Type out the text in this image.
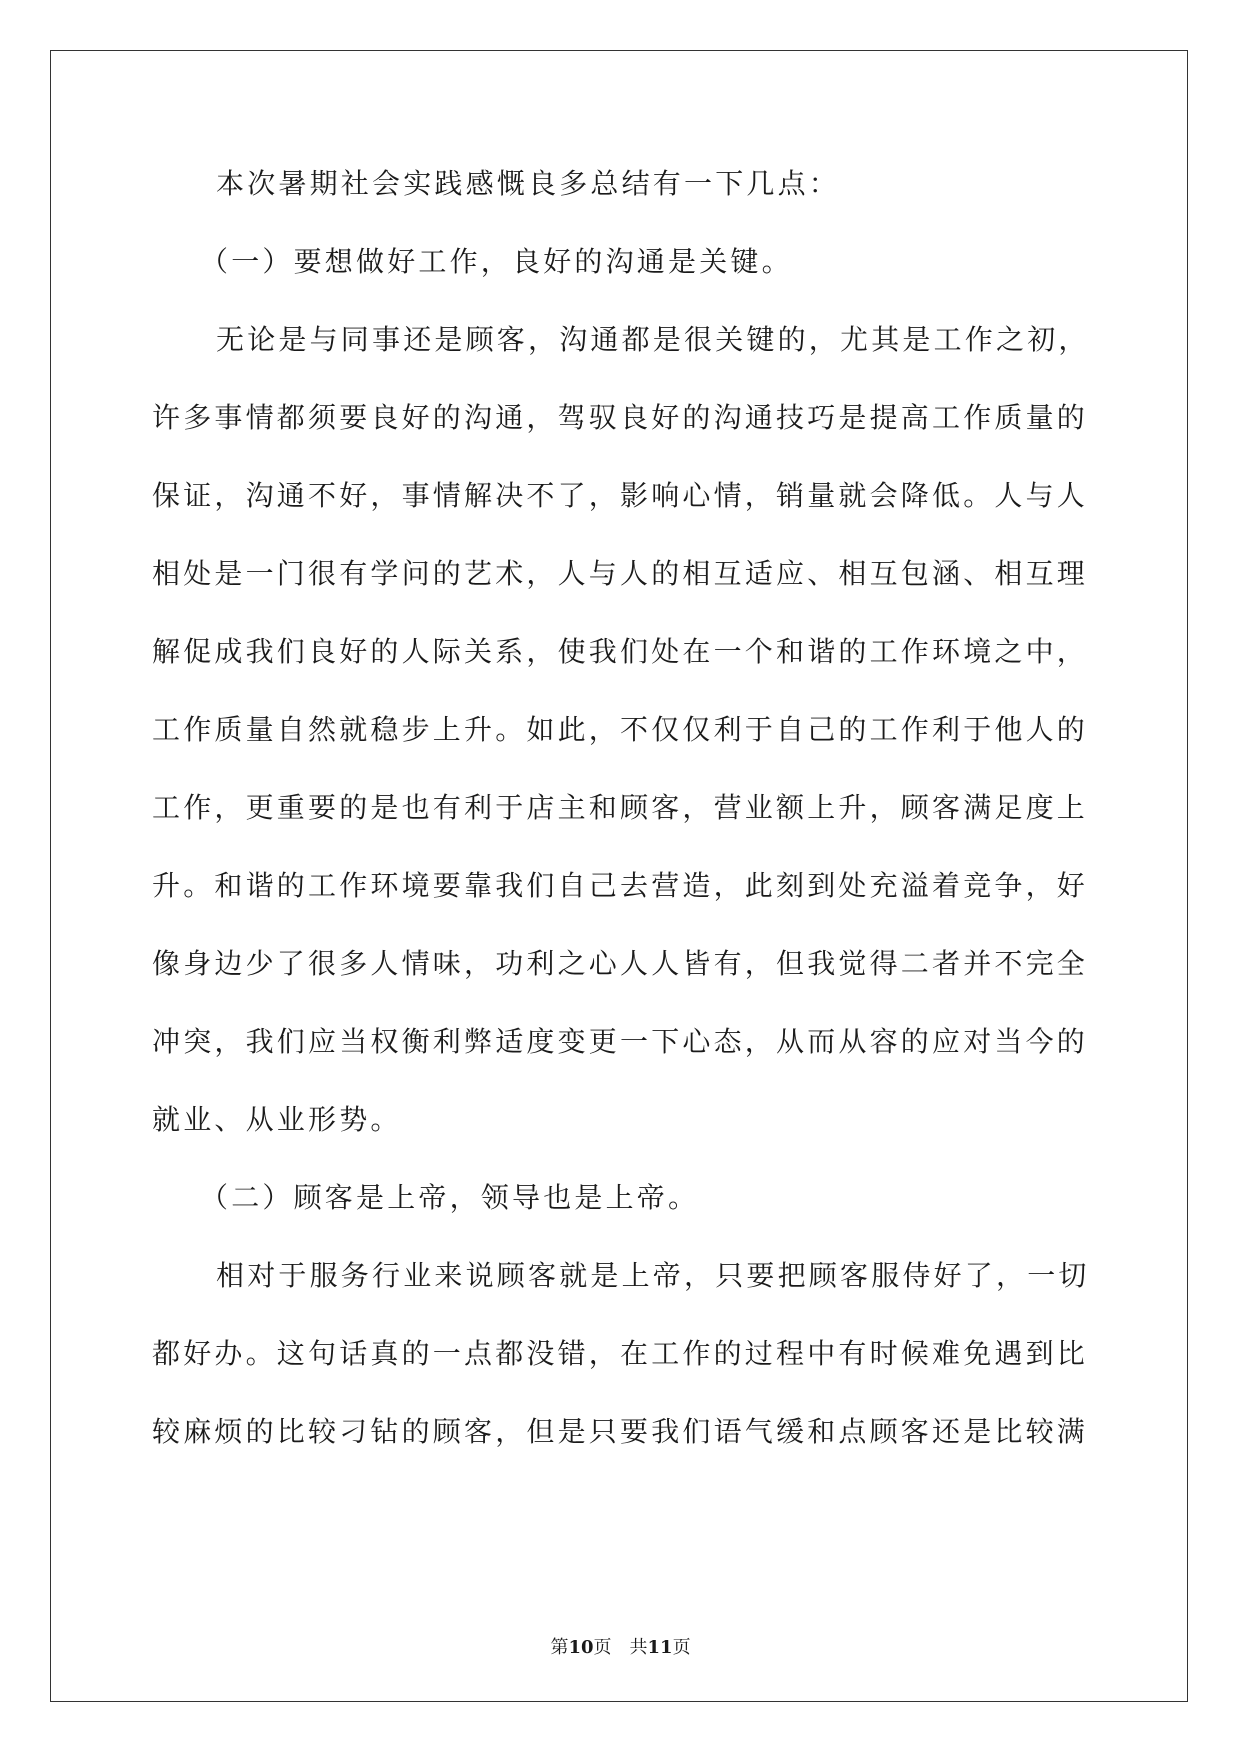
本次暑期社会实践感慨良多总结有一下几点：
（一）要想做好工作，良好的沟通是关键。
无论是与同事还是顾客，沟通都是很关键的，尤其是工作之初，
许多事情都须要良好的沟通，驾驭良好的沟通技巧是提高工作质量的
保证，沟通不好，事情解决不了，影响心情，销量就会降低。人与人
相处是一门很有学问的艺术，人与人的相互适应、相互包涵、相互理
解促成我们良好的人际关系，使我们处在一个和谐的工作环境之中，
工作质量自然就稳步上升。如此，不仅仅利于自己的工作利于他人的
工作，更重要的是也有利于店主和顾客，营业额上升，顾客满足度上
升。和谐的工作环境要靠我们自己去营造，此刻到处充溢着竞争，好
像身边少了很多人情味，功利之心人人皆有，但我觉得二者并不完全
冲突，我们应当权衡利弊适度变更一下心态，从而从容的应对当今的
就业、从业形势。
（二）顾客是上帝，领导也是上帝。
相对于服务行业来说顾客就是上帝，只要把顾客服侍好了，一切
都好办。这句话真的一点都没错，在工作的过程中有时候难免遇到比
较麻烦的比较刁钻的顾客，但是只要我们语气缓和点顾客还是比较满
第10页 共11页
